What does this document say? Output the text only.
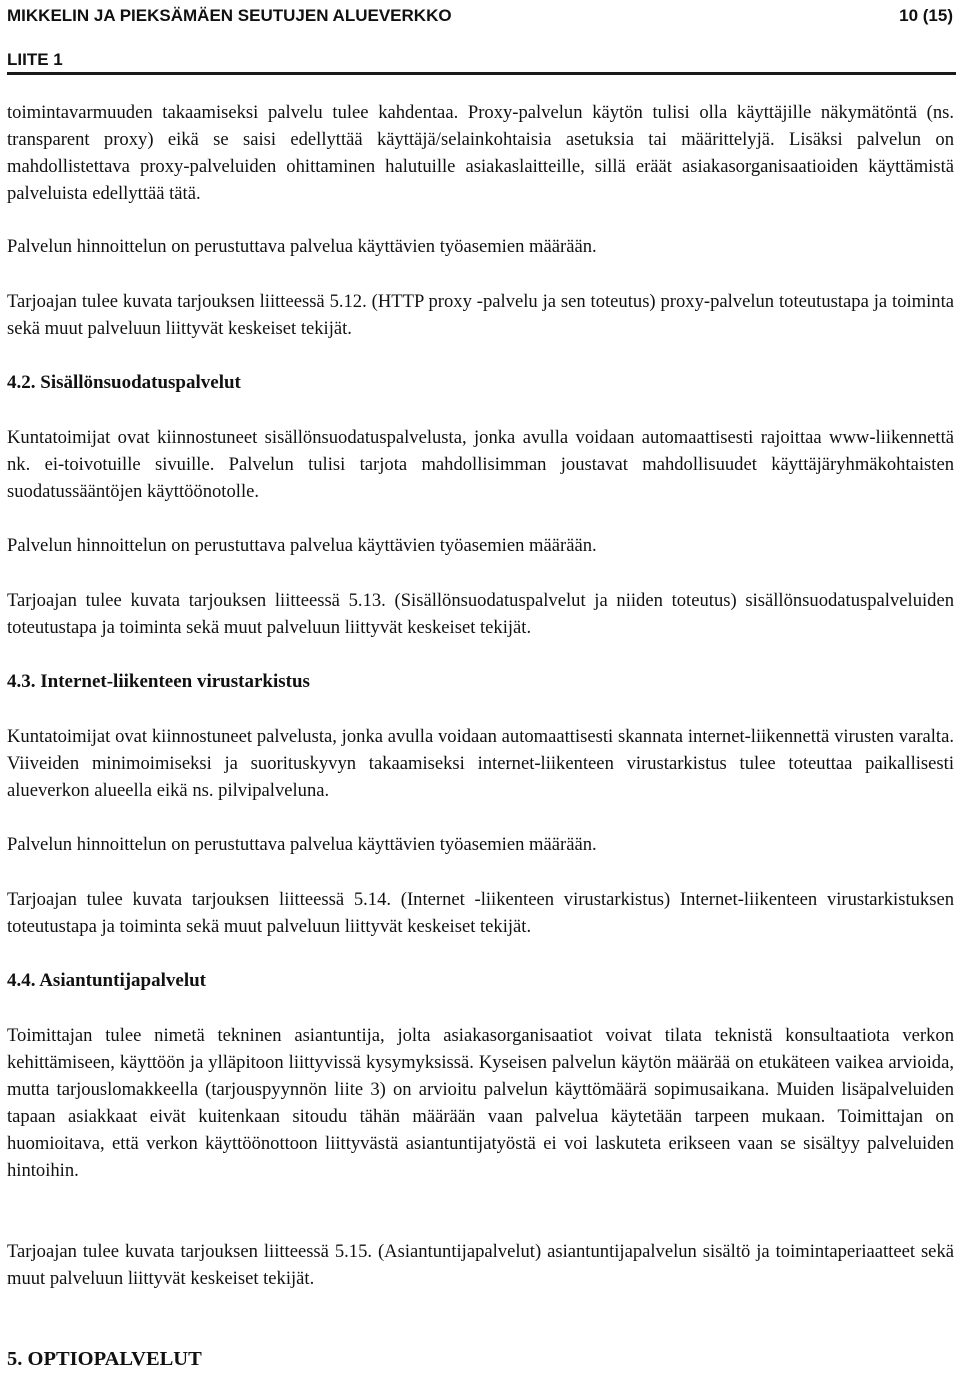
MIKKELIN JA PIEKSÄMÄEN SEUTUJEN ALUEVERKKO	10 (15)
LIITE 1

toimintavarmuuden takaamiseksi palvelu tulee kahdentaa. Proxy-palvelun käytön tulisi olla käyttäjille näkymätöntä (ns. transparent proxy) eikä se saisi edellyttää käyttäjä/selainkohtaisia asetuksia tai määrittelyjä. Lisäksi palvelun on mahdollistettava proxy-palveluiden ohittaminen halutuille asiakaslaitteille, sillä eräät asiakasorganisaatioiden käyttämistä palveluista edellyttää tätä.

Palvelun hinnoittelun on perustuttava palvelua käyttävien työasemien määrään.

Tarjoajan tulee kuvata tarjouksen liitteessä 5.12. (HTTP proxy -palvelu ja sen toteutus) proxy-palvelun toteutustapa ja toiminta sekä muut palveluun liittyvät keskeiset tekijät.

4.2. Sisällönsuodatuspalvelut

Kuntatoimijat ovat kiinnostuneet sisällönsuodatuspalvelusta, jonka avulla voidaan automaattisesti rajoittaa www-liikennettä nk. ei-toivotuille sivuille. Palvelun tulisi tarjota mahdollisimman joustavat mahdollisuudet käyttäjäryhmäkohtaisten suodatussääntöjen käyttöönotolle.

Palvelun hinnoittelun on perustuttava palvelua käyttävien työasemien määrään.

Tarjoajan tulee kuvata tarjouksen liitteessä 5.13. (Sisällönsuodatuspalvelut ja niiden toteutus) sisällönsuodatuspalveluiden toteutustapa ja toiminta sekä muut palveluun liittyvät keskeiset tekijät.

4.3. Internet-liikenteen virustarkistus

Kuntatoimijat ovat kiinnostuneet palvelusta, jonka avulla voidaan automaattisesti skannata internet-liikennettä virusten varalta. Viiveiden minimoimiseksi ja suorituskyvyn takaamiseksi internet-liikenteen virustarkistus tulee toteuttaa paikallisesti alueverkon alueella eikä ns. pilvipalveluna.

Palvelun hinnoittelun on perustuttava palvelua käyttävien työasemien määrään.

Tarjoajan tulee kuvata tarjouksen liitteessä 5.14. (Internet -liikenteen virustarkistus) Internet-liikenteen virustarkistuksen toteutustapa ja toiminta sekä muut palveluun liittyvät keskeiset tekijät.

4.4. Asiantuntijapalvelut

Toimittajan tulee nimetä tekninen asiantuntija, jolta asiakasorganisaatiot voivat tilata teknistä konsultaatiota verkon kehittämiseen, käyttöön ja ylläpitoon liittyvissä kysymyksissä. Kyseisen palvelun käytön määrää on etukäteen vaikea arvioida, mutta tarjouslomakkeella (tarjouspyynnön liite 3) on arvioitu palvelun käyttömäärä sopimusaikana. Muiden lisäpalveluiden tapaan asiakkaat eivät kuitenkaan sitoudu tähän määrään vaan palvelua käytetään tarpeen mukaan. Toimittajan on huomioitava, että verkon käyttöönottoon liittyvästä asiantuntijatyöstä ei voi laskuteta erikseen vaan se sisältyy palveluiden hintoihin.

Tarjoajan tulee kuvata tarjouksen liitteessä 5.15. (Asiantuntijapalvelut) asiantuntijapalvelun sisältö ja toimintaperiaatteet sekä muut palveluun liittyvät keskeiset tekijät.

5. OPTIOPALVELUT
